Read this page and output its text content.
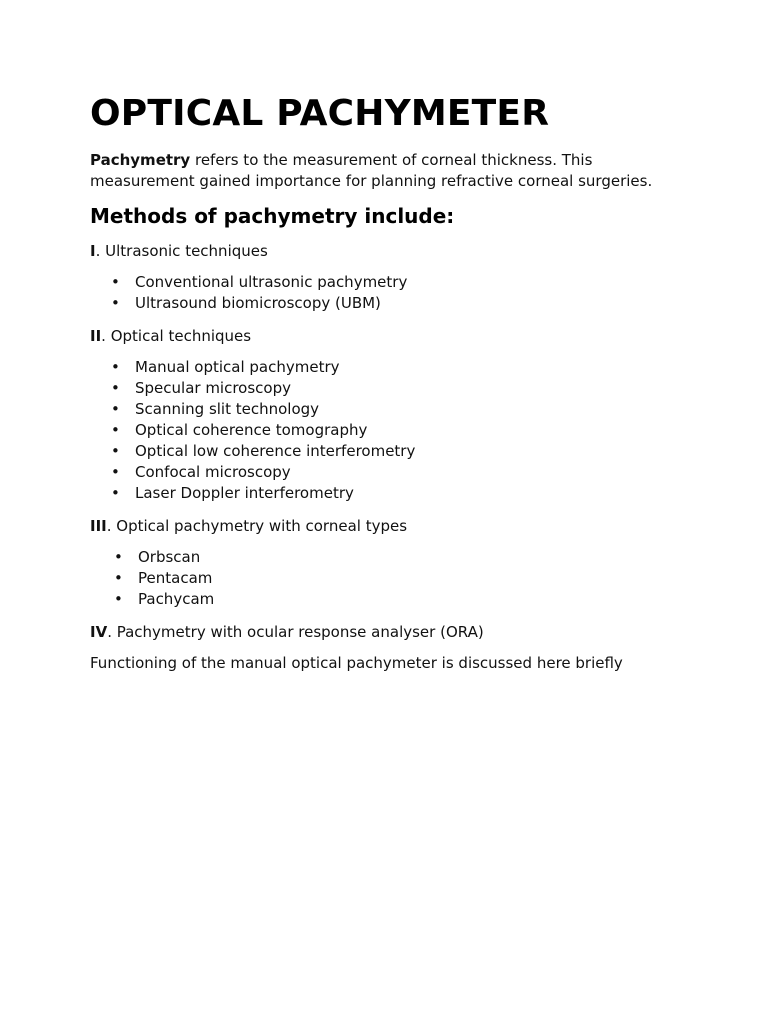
OPTICAL PACHYMETER

Pachymetry refers to the measurement of corneal thickness. This measurement gained importance for planning refractive corneal surgeries.

Methods of pachymetry include:
I. Ultrasonic techniques
• Conventional ultrasonic pachymetry
• Ultrasound biomicroscopy (UBM)
II. Optical techniques
• Manual optical pachymetry
• Specular microscopy
• Scanning slit technology
• Optical coherence tomography
• Optical low coherence interferometry
• Confocal microscopy
• Laser Doppler interferometry
III. Optical pachymetry with corneal types
• Orbscan
• Pentacam
• Pachycam
IV. Pachymetry with ocular response analyser (ORA)

Functioning of the manual optical pachymeter is discussed here briefly
